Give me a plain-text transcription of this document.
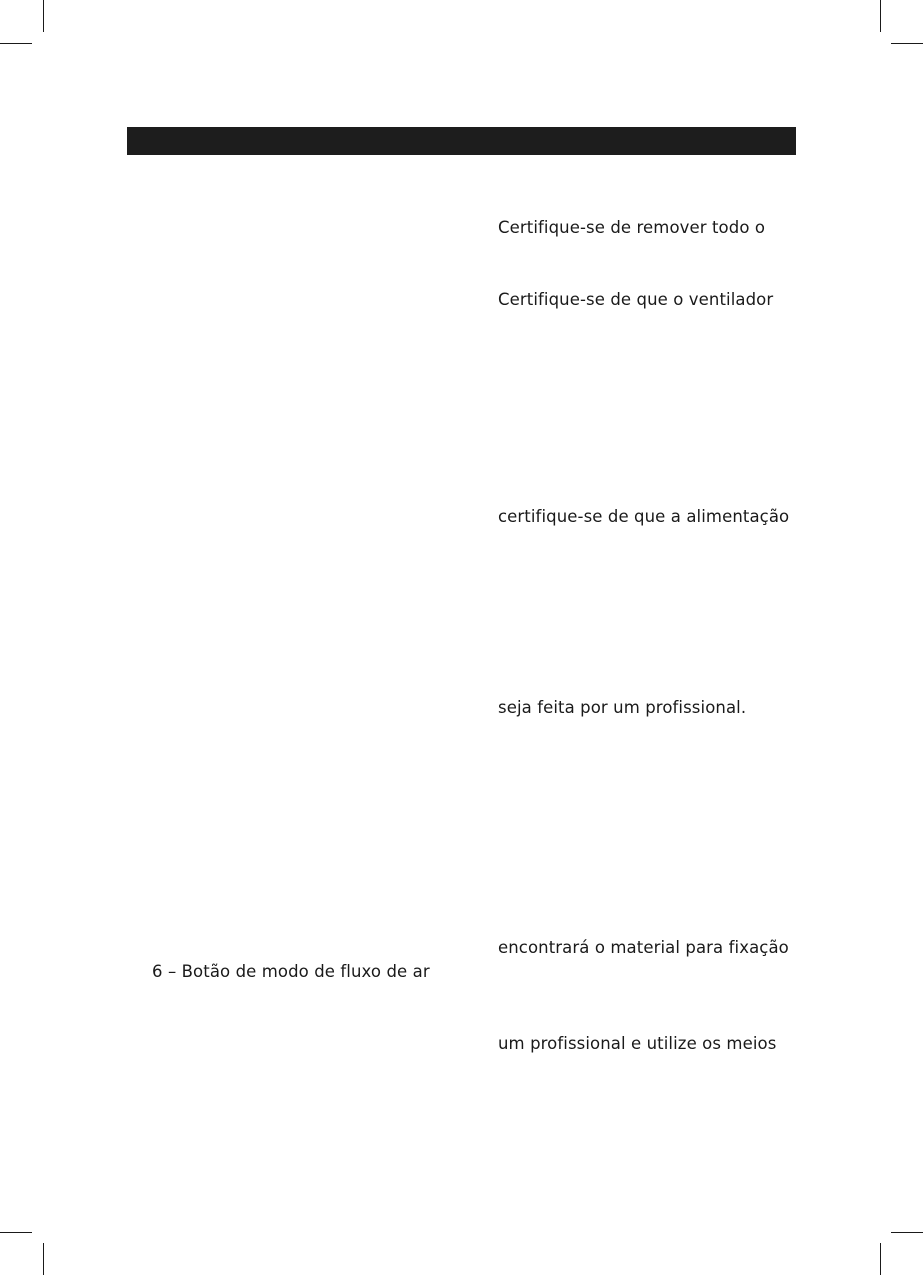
6 – Botão de modo de fluxo de ar
Certifique-se de remover todo o
Certifique-se de que o ventilador
certifique-se de que a alimentação
seja feita por um profissional.
encontrará o material para fixação
um profissional e utilize os meios
